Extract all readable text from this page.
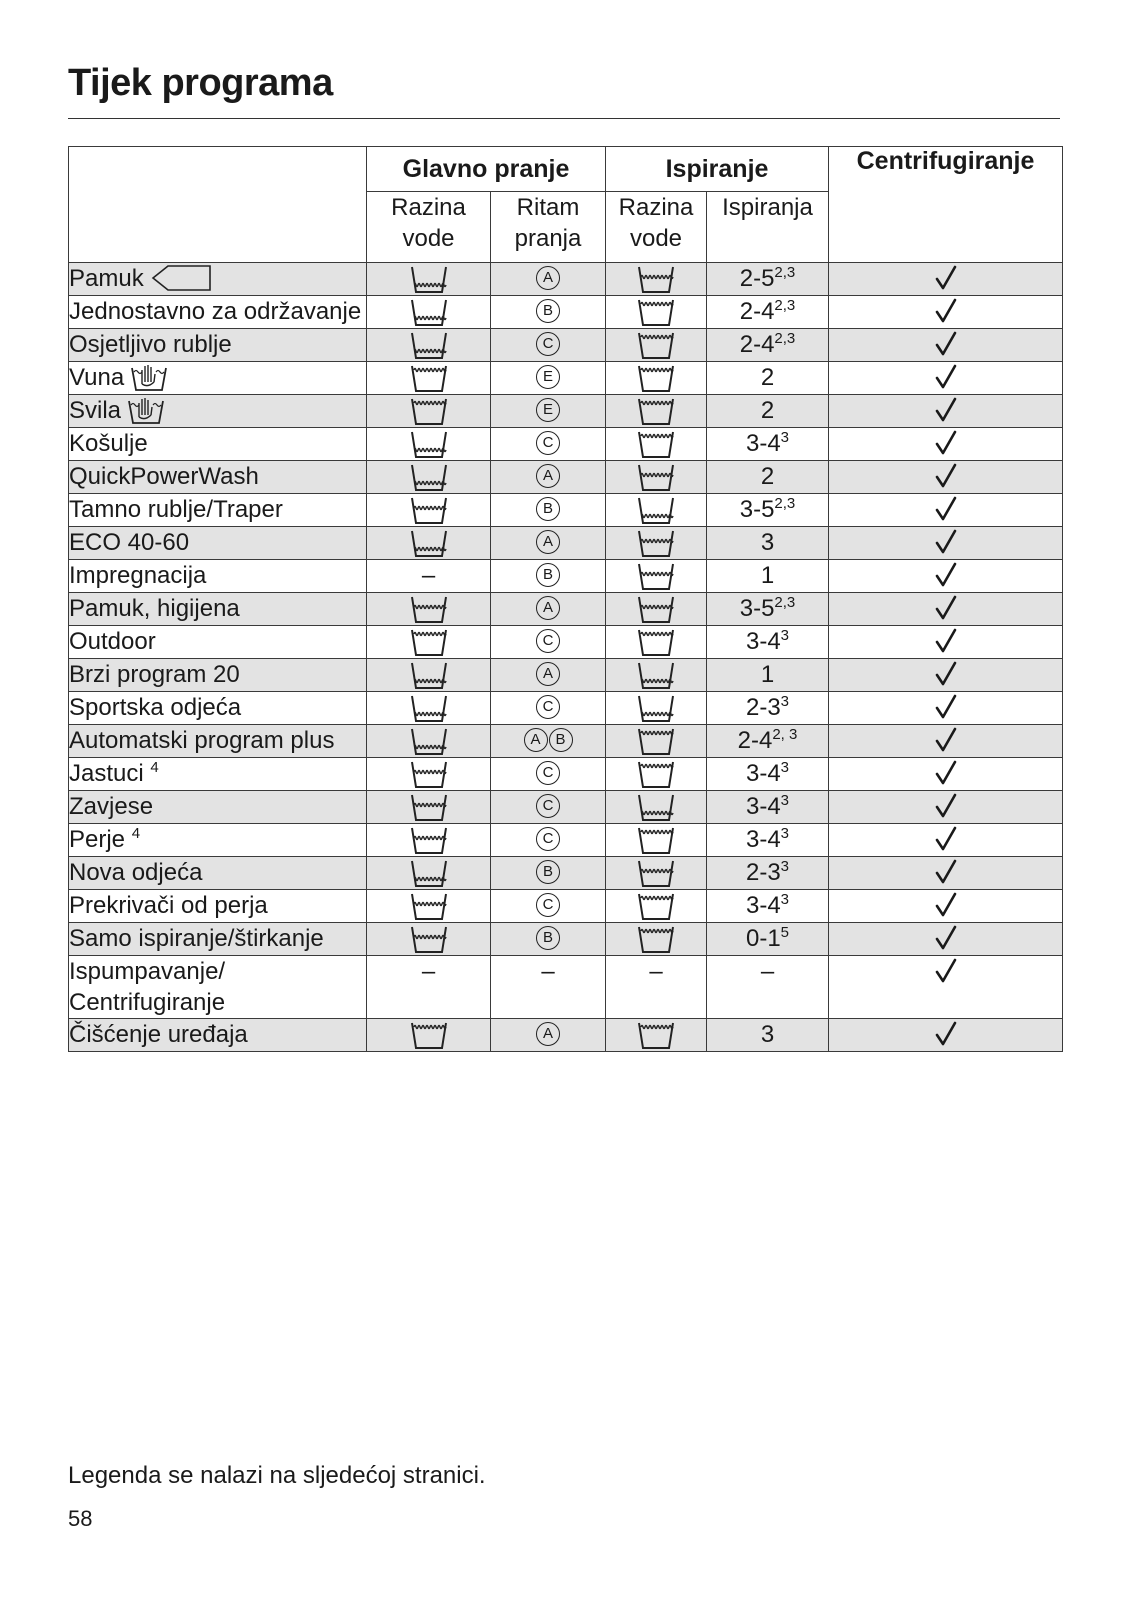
Tijek programa
	Glavno pranje		Ispiranje		Centrifugiranje
	Razina vode	Ritam pranja	Razina vode	Ispiranja	
Pamuk		A		2-5$^{2,3}$	
Jednostavno za održavanje		B		2-4$^{2,3}$	
Osjetljivo rublje		C		2-4$^{2,3}$	
Vuna		E		2	
Svila		E		2	
Košulje		C		$3-4^3$	
QuickPowerWash		A		2	
Tamno rublje/Traper		B		3-5$^{2,3}$	
ECO 40-60		A		3	
Impregnacija	–	B		1	
Pamuk, higijena		A		3-5$^{2,3}$	
Outdoor		C		$3-4^3$	
Brzi program 20		A		1	
Sportska odjeća		C		$2-3^3$	
Automatski program plus		A B		2-4$^{2, 3}$	
Jastuci $^4$		C		$3-4^3$	
Zavjese		C		$3-4^3$	
Perje $^4$		C		$3-4^3$	
Nova odjeća		B		$2-3^3$	
Prekrivači od perja		C		$3-4^3$	
Samo ispiranje/štirkanje		B		$0-1^5$	
Ispumpavanje/ Centrifugiranje	–	–	–	–	
Čišćenje uređaja		A		3	

Legenda se nalazi na sljedećoj stranici.

58
